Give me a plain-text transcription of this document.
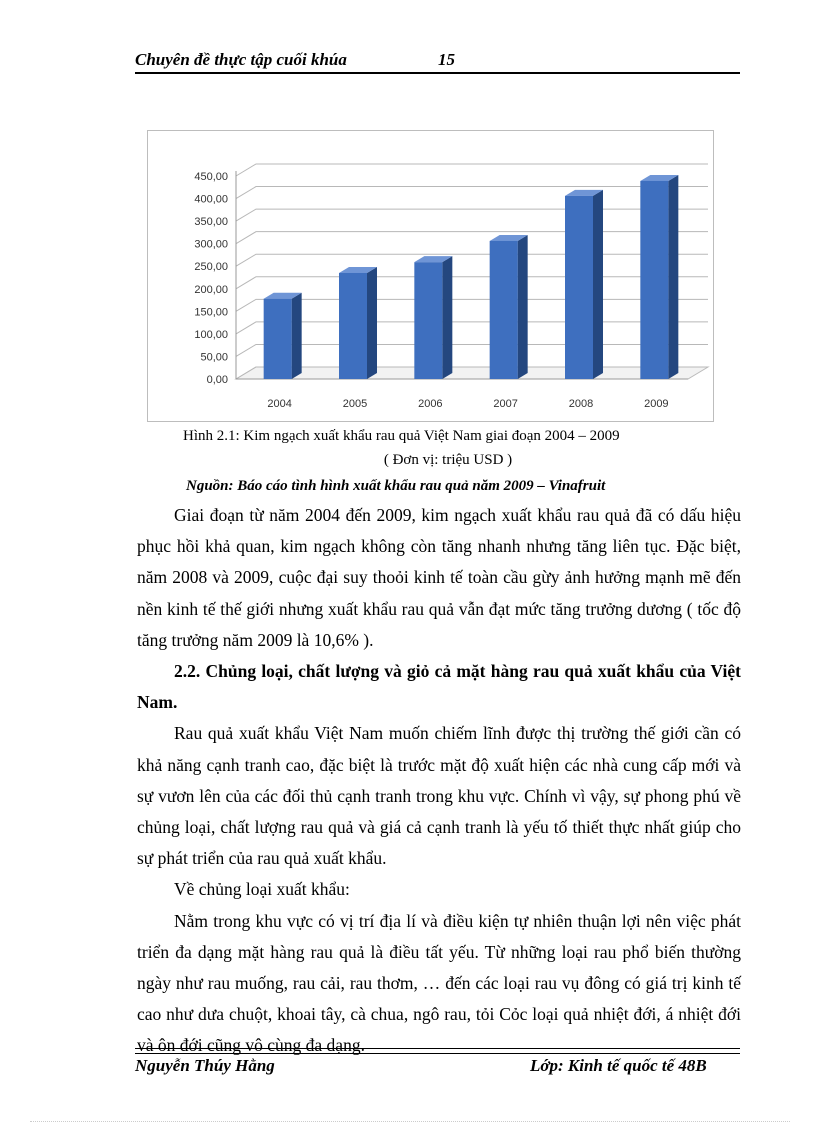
Chuyên đề thực tập cuối khúa	15
0,00
50,00
100,00
150,00
200,00
250,00
300,00
350,00
400,00
450,00
2004	2005	2006	2007	2008	2009
Hình 2.1: Kim ngạch xuất khẩu rau quả Việt Nam giai đoạn 2004 – 2009
( Đơn vị: triệu USD )
Nguồn: Báo cáo tình hình xuất khẩu rau quả năm 2009 – Vinafruit

Giai đoạn từ năm 2004 đến 2009, kim ngạch xuất khẩu rau quả đã có dấu hiệu phục hồi khả quan, kim ngạch không còn tăng nhanh nhưng tăng liên tục. Đặc biệt, năm 2008 và 2009, cuộc đại suy thoỏi kinh tế toàn cầu gừy ảnh hưởng mạnh mẽ đến nền kinh tế thế giới nhưng xuất khẩu rau quả vẫn đạt mức tăng trưởng dương ( tốc độ tăng trưởng năm 2009 là 10,6% ).

2.2. Chủng loại, chất lượng và giỏ cả mặt hàng rau quả xuất khẩu của Việt Nam.

Rau quả xuất khẩu Việt Nam muốn chiếm lĩnh được thị trường thế giới cần có khả năng cạnh tranh cao, đặc biệt là trước mặt độ xuất hiện các nhà cung cấp mới và sự vươn lên của các đối thủ cạnh tranh trong khu vực. Chính vì vậy, sự phong phú về chủng loại, chất lượng rau quả và giá cả cạnh tranh là yếu tố thiết thực nhất giúp cho sự phát triển của rau quả xuất khẩu.

Về chủng loại xuất khẩu:

Nằm trong khu vực có vị trí địa lí và điều kiện tự nhiên thuận lợi nên việc phát triển đa dạng mặt hàng rau quả là điều tất yếu. Từ những loại rau phổ biến thường ngày như rau muống, rau cải, rau thơm, … đến các loại rau vụ đông có giá trị kinh tế cao như dưa chuột, khoai tây, cà chua, ngô rau, tỏi Cỏc loại quả nhiệt đới, á nhiệt đới và ôn đới cũng vô cùng đa dạng.

Nguyễn Thúy Hằng	Lớp: Kinh tế quốc tế 48B
